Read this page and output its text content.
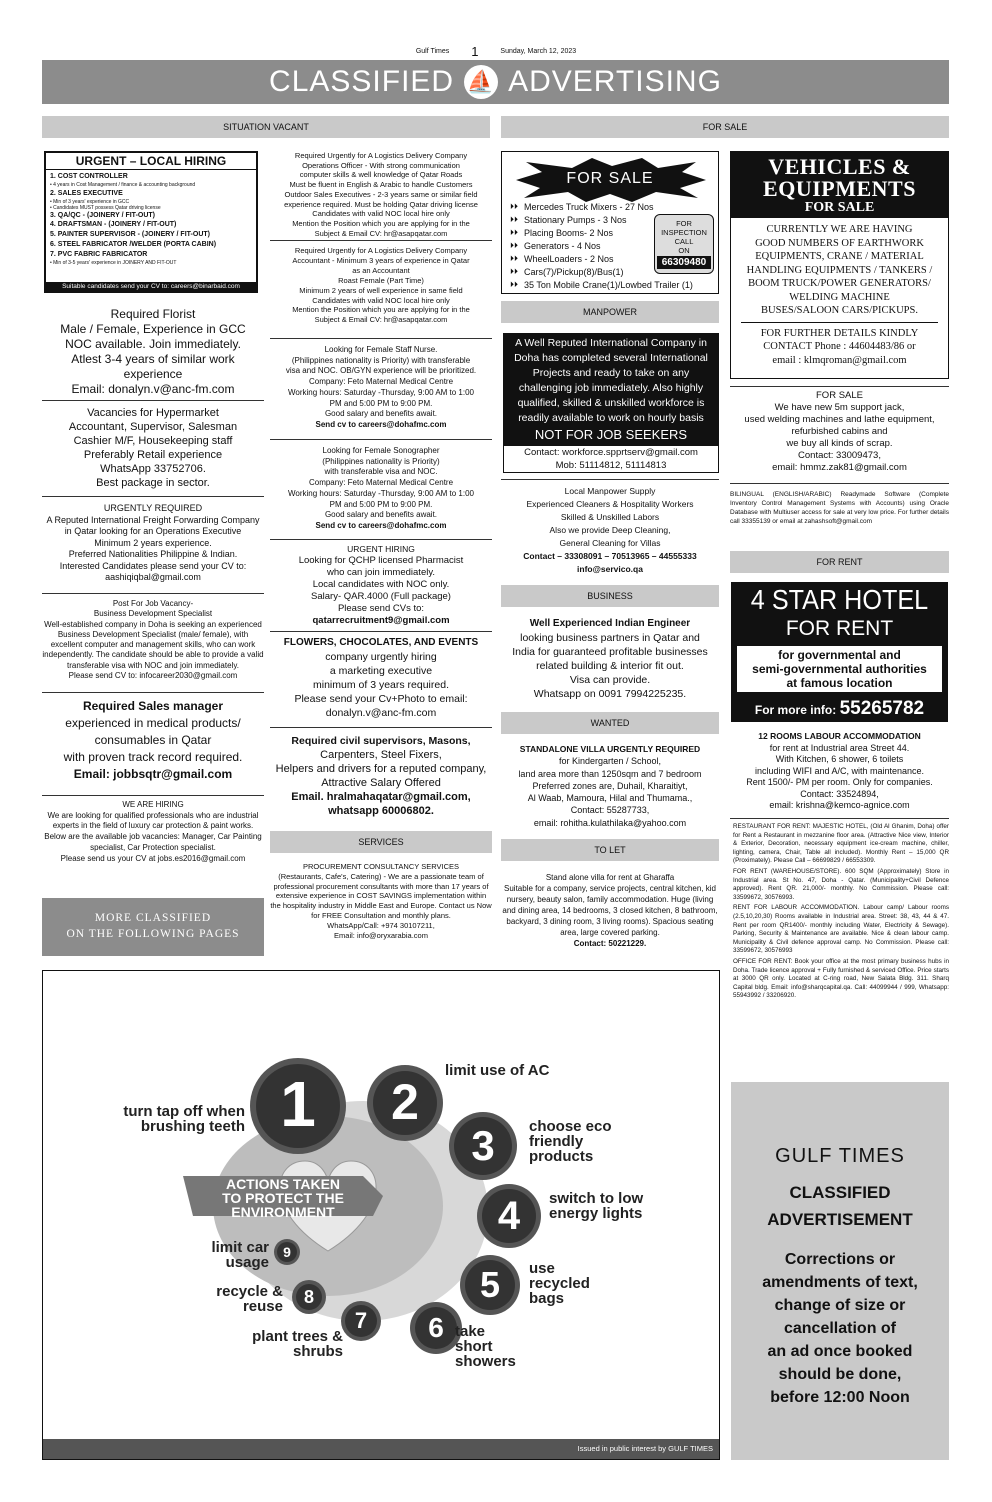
Gulf Times 1	Sunday, March 12, 2023
CLASSIFIED ⛵ ADVERTISING
SITUATION VACANT	FOR SALE
URGENT – LOCAL HIRING
1. COST CONTROLLER
• 4 years in Cost Management / finance & accounting background
2. SALES EXECUTIVE
• Min of 3 years' experience in GCC
• Candidates MUST possess Qatar driving license
3. QA/QC - (JOINERY / FIT-OUT)
4. DRAFTSMAN - (JOINERY / FIT-OUT)
5. PAINTER SUPERVISOR - (JOINERY / FIT-OUT)
6. STEEL FABRICATOR /WELDER (PORTA CABIN)
7. PVC FABRIC FABRICATOR
• Min of 3-5 years' experience in JOINERY AND FIT-OUT
Suitable candidates send your CV to: careers@binarbaid.com
Required Florist
Male / Female, Experience in GCC
NOC available. Join immediately.
Atlest 3-4 years of similar work experience
Email: donalyn.v@anc-fm.com
Vacancies for Hypermarket
Accountant, Supervisor, Salesman
Cashier M/F, Housekeeping staff
Preferably Retail experience
WhatsApp 33752706.
Best package in sector.
URGENTLY REQUIRED
A Reputed International Freight Forwarding Company
in Qatar looking for an Operations Executive
Minimum 2 years experience.
Preferred Nationalities Philippine & Indian.
Interested Candidates please send your CV to:
aashiqiqbal@gmail.com
Post For Job Vacancy-
Business Development Specialist
Well-established company in Doha is seeking an experienced Business Development Specialist (male/ female), with excellent computer and management skills, who can work independently. The candidate should be able to provide a valid transferable visa with NOC and join immediately.
Please send CV to: infocareer2030@gmail.com
Required Sales manager
experienced in medical products/
consumables in Qatar
with proven track record required.
Email: jobbsqtr@gmail.com
WE ARE HIRING
We are looking for qualified professionals who are industrial experts in the field of luxury car protection & paint works. Below are the available job vacancies: Manager, Car Painting specialist, Car Protection specialist.
Please send us your CV at jobs.es2016@gmail.com
MORE CLASSIFIED
ON THE FOLLOWING PAGES
Required Urgently for A Logistics Delivery Company
Operations Officer - With strong communication
computer skills & well knowledge of Qatar Roads
Must be fluent in English & Arabic to handle Customers
Outdoor Sales Executives - 2-3 years same or similar field
experience required. Must be holding Qatar driving license
Candidates with valid NOC local hire only
Mention the Position which you are applying for in the
Subject & Email CV: hr@asapqatar.com
Required Urgently for A Logistics Delivery Company
Accountant - Minimum 3 years of experience in Qatar
as an Accountant
Roast Female (Part Time)
Minimum 2 years of well experience in same field
Candidates with valid NOC local hire only
Mention the Position which you are applying for in the
Subject & Email CV: hr@asapqatar.com
Looking for Female Staff Nurse.
(Philippines nationality is Priority) with transferable
visa and NOC. OB/GYN experience will be prioritized.
Company: Feto Maternal Medical Centre
Working hours: Saturday -Thursday, 9:00 AM to 1:00
PM and 5:00 PM to 9:00 PM.
Good salary and benefits await.
Send cv to careers@dohafmc.com
Looking for Female Sonographer
(Philippines nationality is Priority)
with transferable visa and NOC.
Company: Feto Maternal Medical Centre
Working hours: Saturday -Thursday, 9:00 AM to 1:00
PM and 5:00 PM to 9:00 PM.
Good salary and benefits await.
Send cv to careers@dohafmc.com
URGENT HIRING
Looking for QCHP licensed Pharmacist
who can join immediately.
Local candidates with NOC only.
Salary- QAR.4000 (Full package)
Please send CVs to:
qatarrecruitment9@gmail.com
FLOWERS, CHOCOLATES, AND EVENTS
company urgently hiring
a marketing executive
minimum of 3 years required.
Please send your Cv+Photo to email:
donalyn.v@anc-fm.com
Required civil supervisors, Masons,
Carpenters, Steel Fixers,
Helpers and drivers for a reputed company,
Attractive Salary Offered
Email. hralmahaqatar@gmail.com,
whatsapp 60006802.
SERVICES
PROCUREMENT CONSULTANCY SERVICES
(Restaurants, Cafe's, Catering) - We are a passionate team of professional procurement consultants with more than 17 years of extensive experience in COST SAVINGS implementation within the hospitality industry in Middle East and Europe. Contact us Now for FREE Consultation and monthly plans.
WhatsApp/Call: +974 30107211,
Email: info@oryxarabia.com
FOR SALE
⏵⏵ Mercedes Truck Mixers - 27 Nos
⏵⏵ Stationary Pumps - 3 Nos
⏵⏵ Placing Booms- 2 Nos
⏵⏵ Generators - 4 Nos
⏵⏵ WheelLoaders - 2 Nos
⏵⏵ Cars(7)/Pickup(8)/Bus(1)
⏵⏵ 35 Ton Mobile Crane(1)/Lowbed Trailer (1)
FOR
INSPECTION
CALL
ON
66309480
MANPOWER
A Well Reputed International Company in
Doha has completed several International
Projects and ready to take on any
challenging job immediately. Also highly
qualified, skilled & unskilled workforce is
readily available to work on hourly basis
NOT FOR JOB SEEKERS
Contact: workforce.spprtserv@gmail.com
Mob: 51114812, 51114813
Local Manpower Supply
Experienced Cleaners & Hospitality Workers
Skilled & Unskilled Labors
Also we provide Deep Cleaning,
General Cleaning for Villas
Contact – 33308091 – 70513965 – 44555333
info@servico.qa
BUSINESS
Well Experienced Indian Engineer
looking business partners in Qatar and
India for guaranteed profitable businesses
related building & interior fit out.
Visa can provide.
Whatsapp on 0091 7994225235.
WANTED
STANDALONE VILLA URGENTLY REQUIRED
for Kindergarten / School,
land area more than 1250sqm and 7 bedroom
Preferred zones are, Duhail, Kharaitiyt,
Al Waab, Mamoura, Hilal and Thumama.,
Contact: 55287733,
email: rohitha.kulathilaka@yahoo.com
TO LET
Stand alone villa for rent at Gharaffa
Suitable for a company, service projects, central kitchen, kid nursery, beauty salon, family accommodation. Huge (living and dining area, 14 bedrooms, 3 closed kitchen, 8 bathroom, backyard, 3 dining room, 3 living rooms). Spacious seating area, large covered parking.
Contact: 50221229.
VEHICLES &
EQUIPMENTS
FOR SALE
CURRENTLY WE ARE HAVING
GOOD NUMBERS OF EARTHWORK
EQUIPMENTS, CRANE / MATERIAL
HANDLING EQUIPMENTS / TANKERS /
BOOM TRUCK/POWER GENERATORS/
WELDING MACHINE
BUSES/SALOON CARS/PICKUPS.
FOR FURTHER DETAILS KINDLY
CONTACT Phone : 44604483/86 or
email : klmqroman@gmail.com
FOR SALE
We have new 5m support jack,
used welding machines and lathe equipment,
refurbished cabins and
we buy all kinds of scrap.
Contact: 33009473,
email: hmmz.zak81@gmail.com
BILINGUAL (ENGLISH/ARABIC) Readymade Software (Complete Inventory Control Management Systems with Accounts) using Oracle Database with Multiuser access for sale at very low price. For further details call 33355139 or email at zahashsoft@gmail.com
FOR RENT
4 STAR HOTEL
FOR RENT
for governmental and
semi-governmental authorities
at famous location
For more info: 55265782
12 ROOMS LABOUR ACCOMMODATION
for rent at Industrial area Street 44.
With Kitchen, 6 shower, 6 toilets
including WIFI and A/C, with maintenance.
Rent 1500/- PM per room. Only for companies.
Contact: 33524894,
email: krishna@kemco-agnice.com
RESTAURANT FOR RENT: MAJESTIC HOTEL, (Old Al Ghanim, Doha) offer for Rent a Restaurant in mezzanine floor area. (Attractive Nice view, Interior & Exterior, Decoration, necessary equipment ice-cream machine, chiller, lighting, camera, Chair, Table all included). Monthly Rent – 15,000 QR (Proximately). Please Call – 66699829 / 66553309.
FOR RENT (WAREHOUSE/STORE). 600 SQM (Approximately) Store in Industrial area. St No. 47, Doha - Qatar. (Municipality+Civil Defence approved). Rent QR. 21,000/- monthly. No Commission. Please call: 33599672, 30576993.
RENT FOR LABOUR ACCOMMODATION. Labour camp/ Labour rooms (2.5,10,20,30) Rooms available in Industrial area. Street: 38, 43, 44 & 47. Rent per room QR1400/- monthly including Water, Electricity & Sewage). Parking, Security & Maintenance are available. Nice & clean labour camp. Municipality & Civil defence approval camp. No Commission. Please call: 33599672, 30576993
OFFICE FOR RENT: Book your office at the most primary business hubs in Doha. Trade licence approval + Fully furnished & serviced Office. Price starts at 3000 QR only. Located at C-ring road, New Salata Bldg. 311. Sharq Capital bldg. Email: info@sharqcapital.qa. Call: 44099944 / 999, Whatsapp: 55943992 / 33206920.
GULF TIMES
CLASSIFIED
ADVERTISEMENT
Corrections or
amendments of text,
change of size or
cancellation of
an ad once booked
should be done,
before 12:00 Noon
1	2
3
4
5
6
7
8
9
ACTIONS TAKEN
TO PROTECT THE
ENVIRONMENT
turn tap off when brushing teeth
limit use of AC
choose eco friendly products
switch to low energy lights
use recycled bags
take short showers
plant trees & shrubs
recycle & reuse
limit car usage
Issued in public interest by GULF TIMES
